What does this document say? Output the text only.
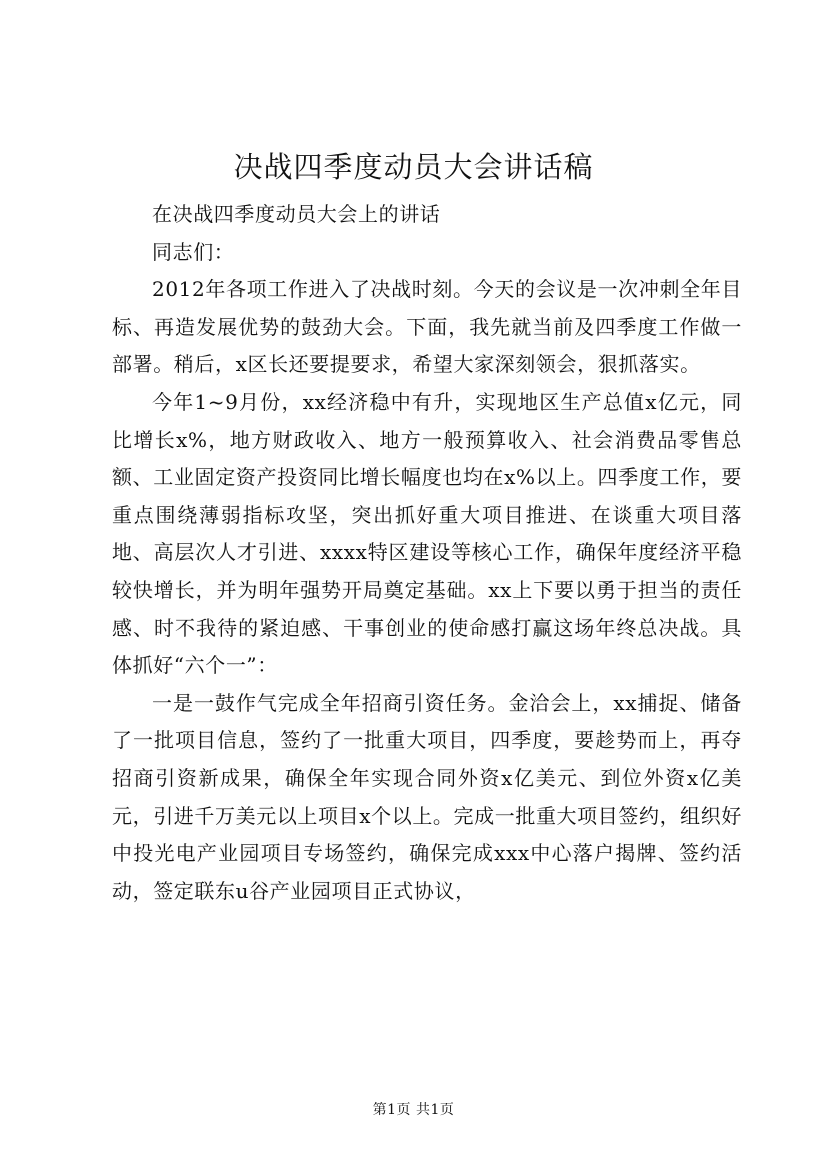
决战四季度动员大会讲话稿

在决战四季度动员大会上的讲话

同志们：

2012年各项工作进入了决战时刻。今天的会议是一次冲刺全年目标、再造发展优势的鼓劲大会。下面，我先就当前及四季度工作做一部署。稍后，x区长还要提要求，希望大家深刻领会，狠抓落实。

今年1~9月份，xx经济稳中有升，实现地区生产总值x亿元，同比增长x%，地方财政收入、地方一般预算收入、社会消费品零售总额、工业固定资产投资同比增长幅度也均在x%以上。四季度工作，要重点围绕薄弱指标攻坚，突出抓好重大项目推进、在谈重大项目落地、高层次人才引进、xxxx特区建设等核心工作，确保年度经济平稳较快增长，并为明年强势开局奠定基础。xx上下要以勇于担当的责任感、时不我待的紧迫感、干事创业的使命感打赢这场年终总决战。具体抓好“六个一”：

一是一鼓作气完成全年招商引资任务。金洽会上，xx捕捉、储备了一批项目信息，签约了一批重大项目，四季度，要趁势而上，再夺招商引资新成果，确保全年实现合同外资x亿美元、到位外资x亿美元，引进千万美元以上项目x个以上。完成一批重大项目签约，组织好中投光电产业园项目专场签约，确保完成xxx中心落户揭牌、签约活动，签定联东u谷产业园项目正式协议，

第1页 共1页
